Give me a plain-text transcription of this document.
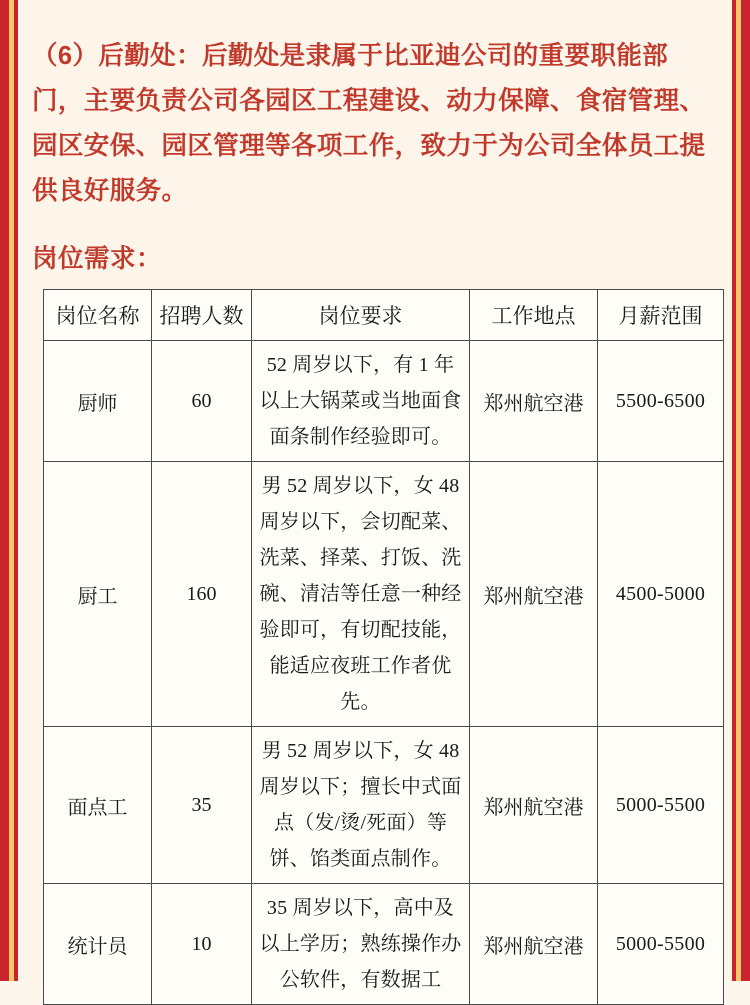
（6）后勤处：后勤处是隶属于比亚迪公司的重要职能部门，主要负责公司各园区工程建设、动力保障、食宿管理、园区安保、园区管理等各项工作，致力于为公司全体员工提供良好服务。

岗位需求：
岗位名称	招聘人数	岗位要求	工作地点	月薪范围
厨师	60	52 周岁以下，有 1 年以上大锅菜或当地面食面条制作经验即可。	郑州航空港	5500-6500
厨工	160	男 52 周岁以下，女 48 周岁以下，会切配菜、洗菜、择菜、打饭、洗碗、清洁等任意一种经验即可，有切配技能，能适应夜班工作者优先。	郑州航空港	4500-5000
面点工	35	男 52 周岁以下，女 48 周岁以下；擅长中式面点（发/烫/死面）等饼、馅类面点制作。	郑州航空港	5000-5500
统计员	10	35 周岁以下，高中及以上学历；熟练操作办公软件，有数据工	郑州航空港	5000-5500
